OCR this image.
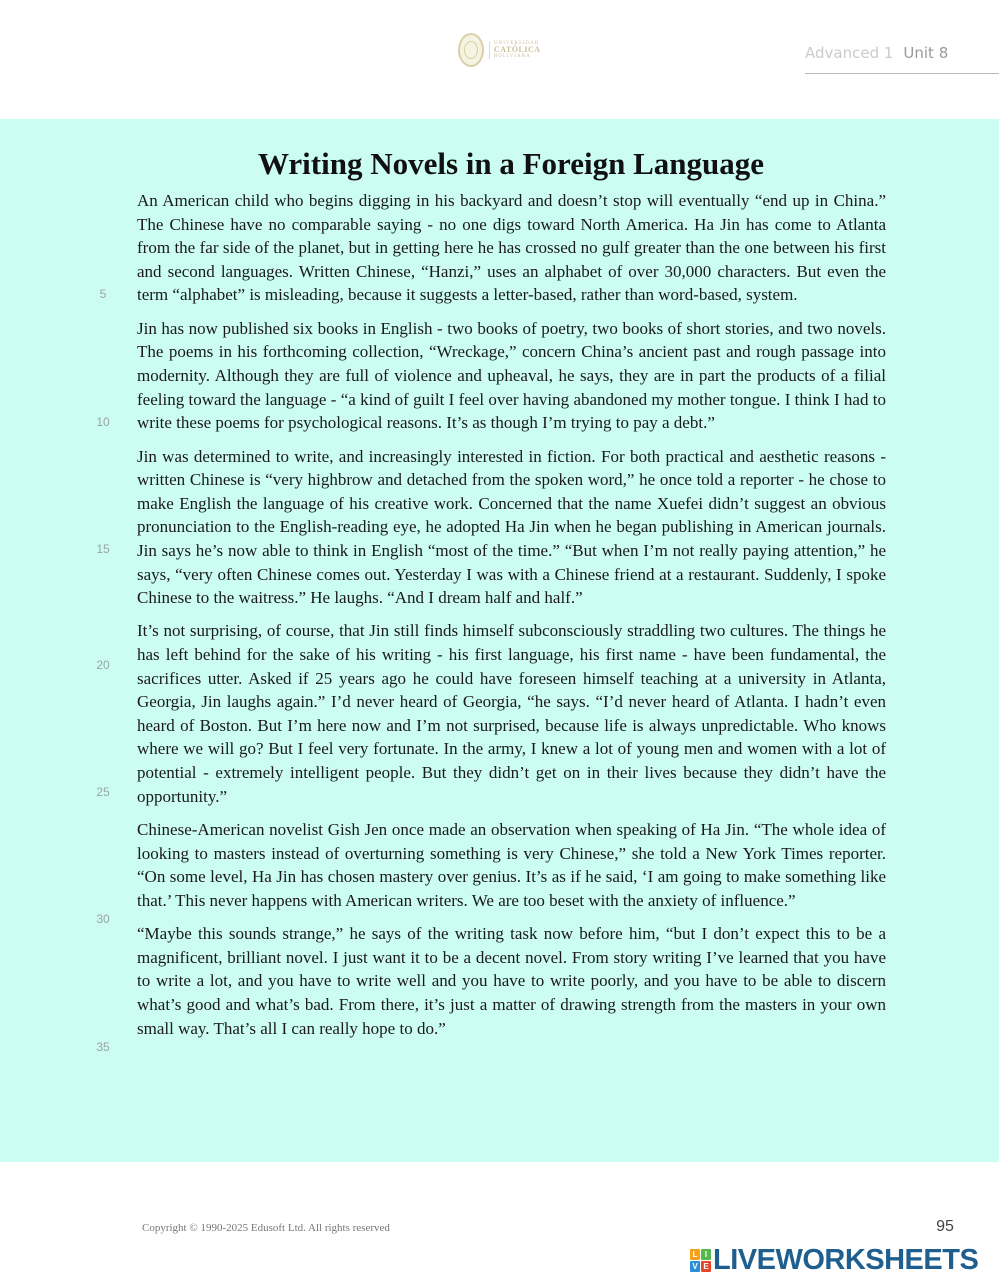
UNIVERSIDAD
CATÓLICA
BOLIVIANA	Advanced 1 Unit 8
Writing Novels in a Foreign Language

An American child who begins digging in his backyard and doesn’t stop will eventually “end up in China.” The Chinese have no comparable saying - no one digs toward North America. Ha Jin has come to Atlanta from the far side of the planet, but in getting here he has crossed no gulf greater than the one between his first and second languages. Written Chinese, “Hanzi,” uses an alphabet of over 30,000 characters. But even the term “alphabet” is misleading, because it suggests a letter-based, rather than word-based, system.

Jin has now published six books in English - two books of poetry, two books of short stories, and two novels. The poems in his forthcoming collection, “Wreckage,” concern China’s ancient past and rough passage into modernity. Although they are full of violence and upheaval, he says, they are in part the products of a filial feeling toward the language - “a kind of guilt I feel over having abandoned my mother tongue. I think I had to write these poems for psychological reasons. It’s as though I’m trying to pay a debt.”

Jin was determined to write, and increasingly interested in fiction. For both practical and aesthetic reasons - written Chinese is “very highbrow and detached from the spoken word,” he once told a reporter - he chose to make English the language of his creative work. Concerned that the name Xuefei didn’t suggest an obvious pronunciation to the English-reading eye, he adopted Ha Jin when he began publishing in American journals. Jin says he’s now able to think in English “most of the time.” “But when I’m not really paying attention,” he says, “very often Chinese comes out. Yesterday I was with a Chinese friend at a restaurant. Suddenly, I spoke Chinese to the waitress.” He laughs. “And I dream half and half.”

It’s not surprising, of course, that Jin still finds himself subconsciously straddling two cultures. The things he has left behind for the sake of his writing - his first language, his first name - have been fundamental, the sacrifices utter. Asked if 25 years ago he could have foreseen himself teaching at a university in Atlanta, Georgia, Jin laughs again.” I’d never heard of Georgia, “he says. “I’d never heard of Atlanta. I hadn’t even heard of Boston. But I’m here now and I’m not surprised, because life is always unpredictable. Who knows where we will go? But I feel very fortunate. In the army, I knew a lot of young men and women with a lot of potential - extremely intelligent people. But they didn’t get on in their lives because they didn’t have the opportunity.”

Chinese-American novelist Gish Jen once made an observation when speaking of Ha Jin. “The whole idea of looking to masters instead of overturning something is very Chinese,” she told a New York Times reporter. “On some level, Ha Jin has chosen mastery over genius. It’s as if he said, ‘I am going to make something like that.’ This never happens with American writers. We are too beset with the anxiety of influence.”

“Maybe this sounds strange,” he says of the writing task now before him, “but I don’t expect this to be a magnificent, brilliant novel. I just want it to be a decent novel. From story writing I’ve learned that you have to write a lot, and you have to write well and you have to write poorly, and you have to be able to discern what’s good and what’s bad. From there, it’s just a matter of drawing strength from the masters in your own small way. That’s all I can really hope to do.”

5
10
15
20
25
30
35
Copyright © 1990-2025 Edusoft Ltd. All rights reserved	95
L I
V E LIVEWORKSHEETS
